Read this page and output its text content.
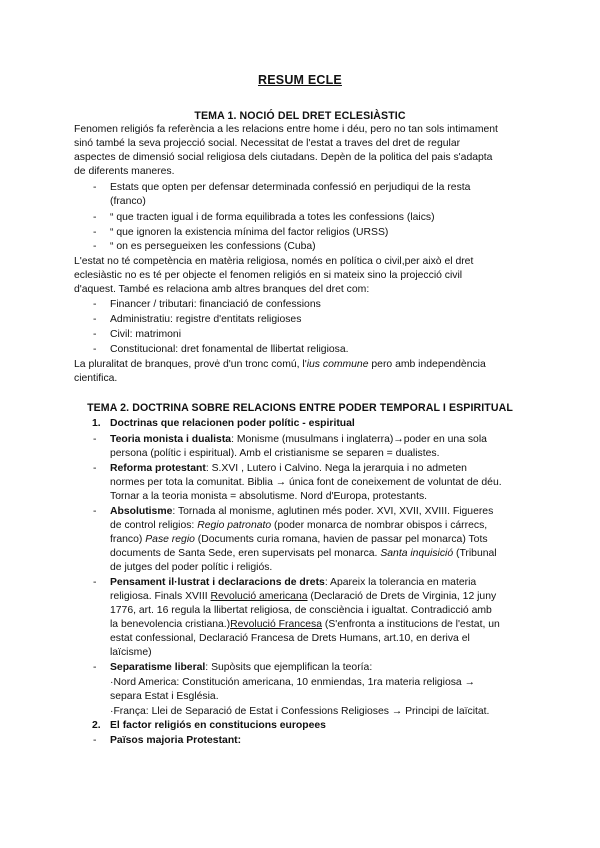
RESUM ECLE
TEMA 1. NOCIÓ DEL DRET ECLESIÀSTIC
Fenomen religiós fa referència a les relacions entre home i déu, pero no tan sols intimament
sinó també la seva projecció social. Necessitat de l'estat a traves del dret de regular
aspectes de dimensió social religiosa dels ciutadans. Depèn de la politica del pais s'adapta
de diferents maneres.
- Estats que opten per defensar determinada confessió en perjudiqui de la resta
(franco)
- “ que tracten igual i de forma equilibrada a totes les confessions (laics)
- “ que ignoren la existencia mínima del factor religios (URSS)
- “ on es persegueixen les confessions (Cuba)
L'estat no té competència en matèria religiosa, només en política o civil,per això el dret
eclesiàstic no es té per objecte el fenomen religiós en si mateix sino la projecció civil
d'aquest. També es relaciona amb altres branques del dret com:
- Financer / tributari: financiació de confessions
- Administratiu: registre d'entitats religioses
- Civil: matrimoni
- Constitucional: dret fonamental de llibertat religiosa.
La pluralitat de branques, provė d'un tronc comú, l'ius commune pero amb independència
cientifica.
TEMA 2. DOCTRINA SOBRE RELACIONS ENTRE PODER TEMPORAL I ESPIRITUAL
1. Doctrinas que relacionen poder polític - espiritual
- Teoria monista i dualista: Monisme (musulmans i inglaterra)→poder en una sola
persona (polític i espiritual). Amb el cristianisme se separen = dualistes.
- Reforma protestant: S.XVI , Lutero i Calvino. Nega la jerarquia i no admeten
normes per tota la comunitat. Biblia → única font de coneixement de voluntat de déu.
Tornar a la teoria monista = absolutisme. Nord d'Europa, protestants.
- Absolutisme: Tornada al monisme, aglutinen més poder. XVI, XVII, XVIII. Figueres
de control religios: Regio patronato (poder monarca de nombrar obispos i cárrecs,
franco) Pase regio (Documents curia romana, havien de passar pel monarca) Tots
documents de Santa Sede, eren supervisats pel monarca. Santa inquisició (Tribunal
de jutges del poder polític i religiós.
- Pensament il·lustrat i declaracions de drets: Apareix la tolerancia en materia
religiosa. Finals XVIII Revolució americana (Declaració de Drets de Virginia, 12 juny
1776, art. 16 regula la llibertat religiosa, de consciència i igualtat. Contradicció amb
la benevolencia cristiana.)Revolució Francesa (S'enfronta a institucions de l'estat, un
estat confessional, Declaració Francesa de Drets Humans, art.10, en deriva el
laïcisme)
- Separatisme liberal: Supòsits que ejemplifican la teoría:
·Nord America: Constitución americana, 10 enmiendas, 1ra materia religiosa →
separa Estat i Església.
·França: Llei de Separació de Estat i Confessions Religioses → Principi de laïcitat.
2. El factor religiós en constitucions europees
- Països majoria Protestant:
